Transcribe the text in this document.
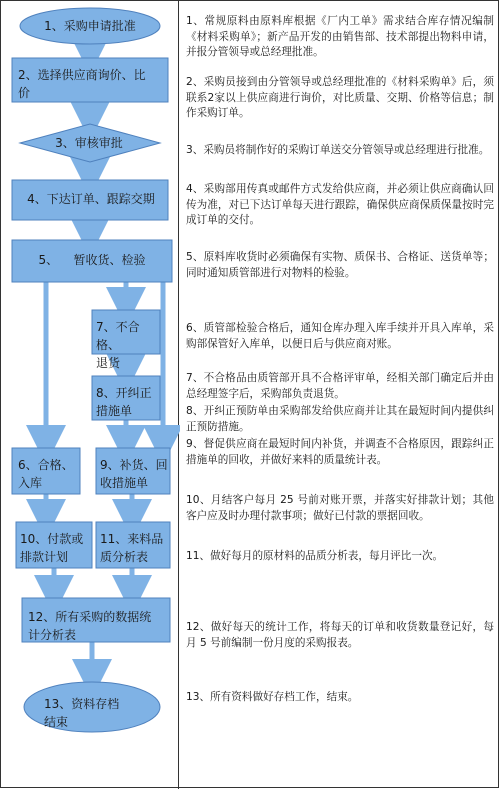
1、采购申请批准
2、选择供应商询价、比
价
3、审核审批
4、下达订单、跟踪交期
5、    暂收货、检验
7、不合格、
退货
8、开纠正
措施单
6、合格、
入库
9、补货、回
收措施单
10、付款或
排款计划
11、来料品
质分析表
12、所有采购的数据统
计分析表
13、资料存档
结束
1、常规原料由原料库根据《厂内工单》需求结合库存情况编制《材料采购单》；新产品开发的由销售部、技术部提出物料申请，并报分管领导或总经理批准。
2、采购员接到由分管领导或总经理批准的《材料采购单》后，须联系2家以上供应商进行询价，对比质量、交期、价格等信息；制作采购订单。
3、采购员将制作好的采购订单送交分管领导或总经理进行批准。
4、采购部用传真或邮件方式发给供应商，并必须让供应商确认回传为准，对已下达订单每天进行跟踪，确保供应商保质保量按时完成订单的交付。
5、原料库收货时必须确保有实物、质保书、合格证、送货单等；同时通知质管部进行对物料的检验。
6、质管部检验合格后，通知仓库办理入库手续并开具入库单，采购部保管好入库单，以便日后与供应商对账。
7、不合格品由质管部开具不合格评审单，经相关部门确定后并由总经理签字后，采购部负责退货。
8、开纠正预防单由采购部发给供应商并让其在最短时间内提供纠正预防措施。
9、督促供应商在最短时间内补货，并调查不合格原因，跟踪纠正措施单的回收，并做好来料的质量统计表。
10、月结客户每月 25 号前对账开票，并落实好排款计划；其他客户应及时办理付款事项；做好已付款的票据回收。
11、做好每月的原材料的品质分析表，每月评比一次。
12、做好每天的统计工作，将每天的订单和收货数量登记好，每月 5 号前编制一份月度的采购报表。
13、所有资料做好存档工作，结束。
